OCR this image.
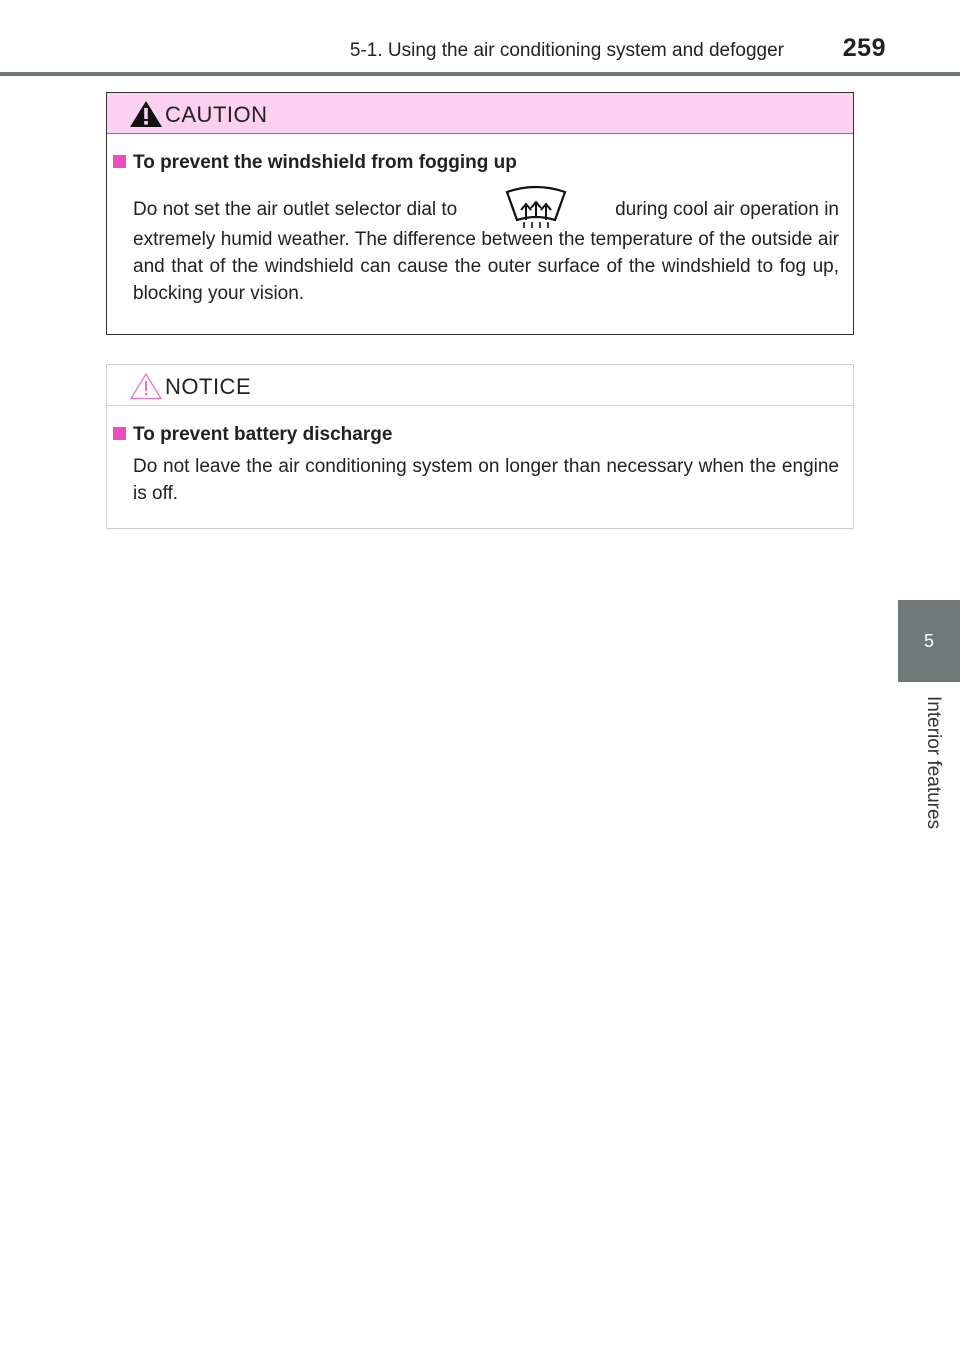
5-1. Using the air conditioning system and defogger 259
5
Interior features
CAUTION
To prevent the windshield from fogging up
Do not set the air outlet selector dial to	during cool air operation in
extremely humid weather. The difference between the temperature of the outside air and that of the windshield can cause the outer surface of the windshield to fog up, blocking your vision.
NOTICE
To prevent battery discharge
Do not leave the air conditioning system on longer than necessary when the engine is off.
